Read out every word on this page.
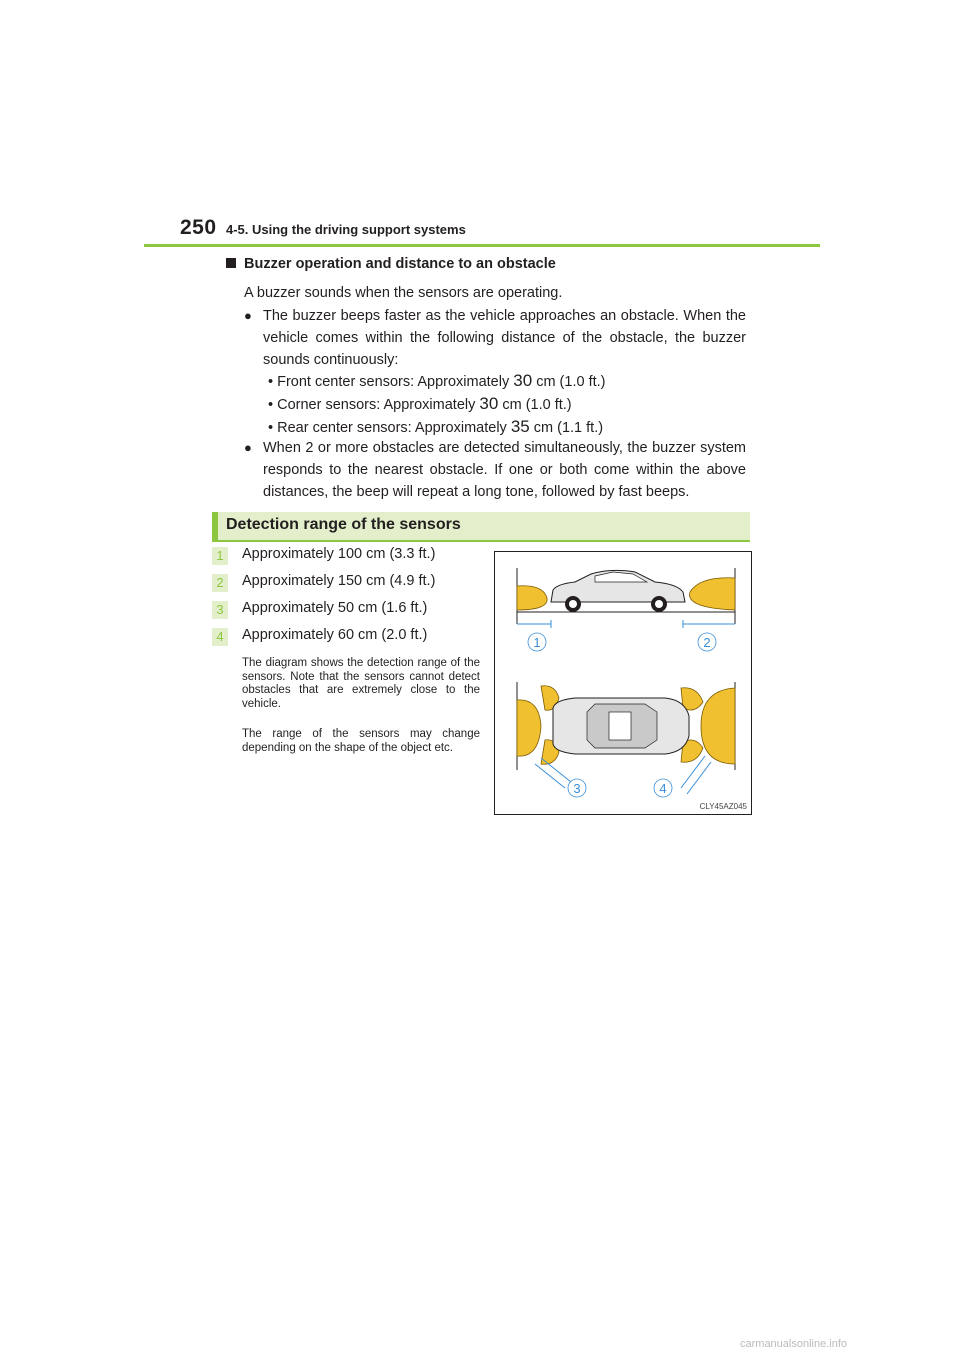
250 4-5. Using the driving support systems
Buzzer operation and distance to an obstacle
A buzzer sounds when the sensors are operating.
● The buzzer beeps faster as the vehicle approaches an obstacle. When the vehicle comes within the following distance of the obstacle, the buzzer sounds continuously:
• Front center sensors: Approximately 30 cm (1.0 ft.)
• Corner sensors: Approximately 30 cm (1.0 ft.)
• Rear center sensors: Approximately 35 cm (1.1 ft.)
● When 2 or more obstacles are detected simultaneously, the buzzer system responds to the nearest obstacle. If one or both come within the above distances, the beep will repeat a long tone, followed by fast beeps.
Detection range of the sensors
1	Approximately 100 cm (3.3 ft.)
2	Approximately 150 cm (4.9 ft.)
3	Approximately 50 cm (1.6 ft.)
4	Approximately 60 cm (2.0 ft.)
The diagram shows the detection range of the sensors. Note that the sensors cannot detect obstacles that are extremely close to the vehicle.
The range of the sensors may change depending on the shape of the object etc.
1	2
3	4
CLY45AZ045
carmanualsonline.info
